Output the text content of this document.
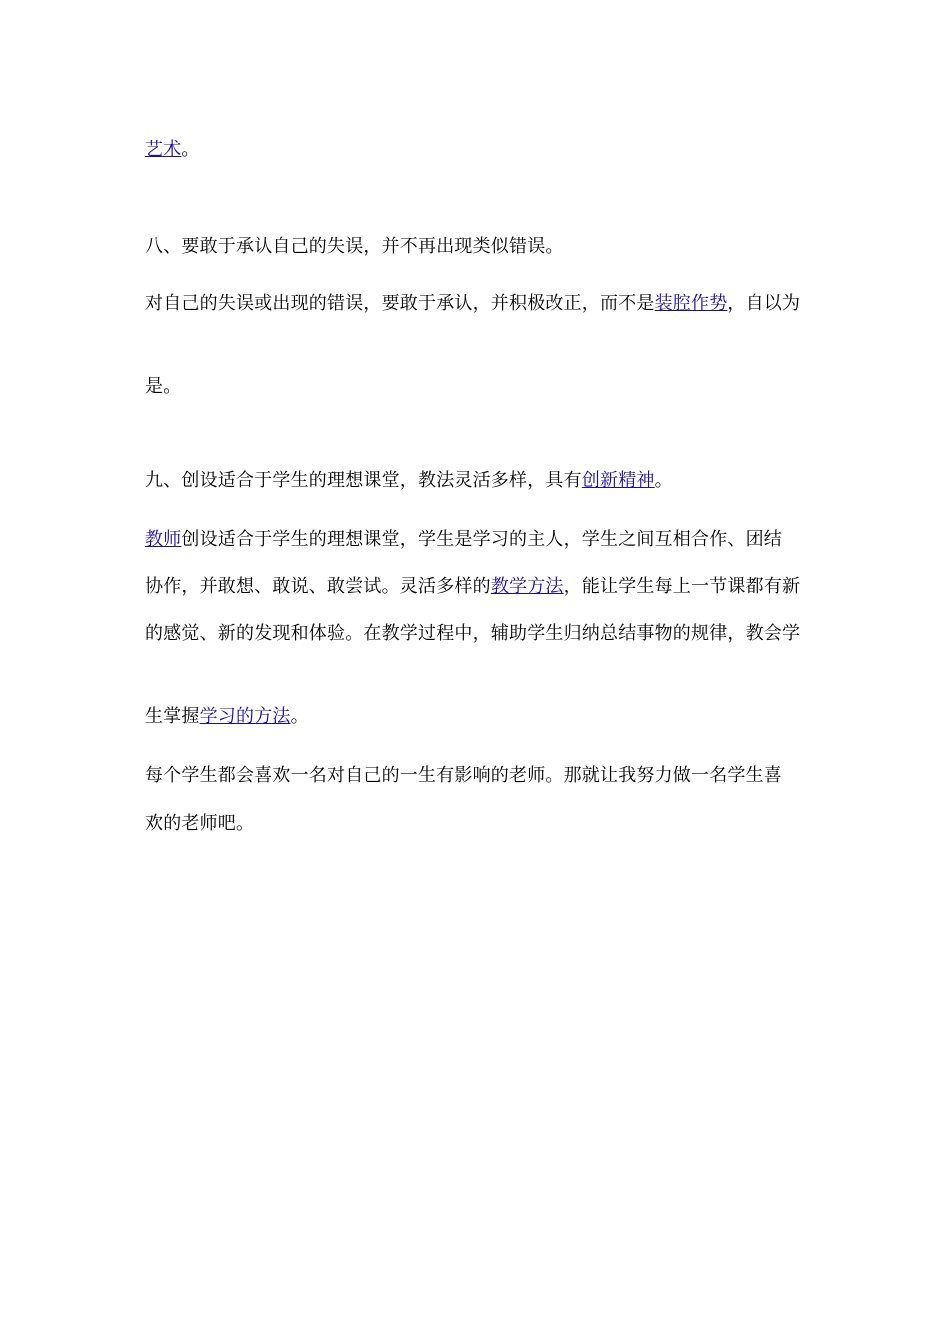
艺术。
八、要敢于承认自己的失误，并不再出现类似错误。
对自己的失误或出现的错误，要敢于承认，并积极改正，而不是装腔作势，自以为
是。
九、创设适合于学生的理想课堂，教法灵活多样，具有创新精神。
教师创设适合于学生的理想课堂，学生是学习的主人，学生之间互相合作、团结
协作，并敢想、敢说、敢尝试。灵活多样的教学方法，能让学生每上一节课都有新
的感觉、新的发现和体验。在教学过程中，辅助学生归纳总结事物的规律，教会学
生掌握学习的方法。
每个学生都会喜欢一名对自己的一生有影响的老师。那就让我努力做一名学生喜
欢的老师吧。
